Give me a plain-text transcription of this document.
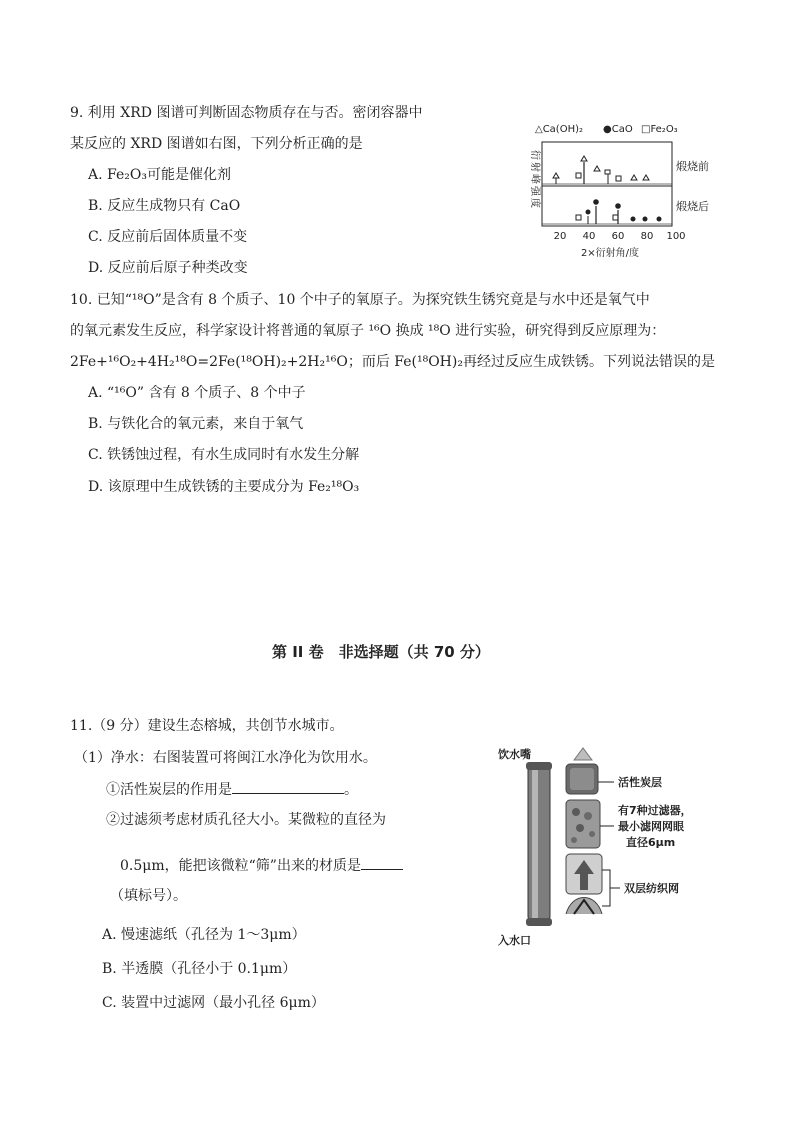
9. 利用 XRD 图谱可判断固态物质存在与否。密闭容器中
某反应的 XRD 图谱如右图，下列分析正确的是
A. Fe₂O₃可能是催化剂
B. 反应生成物只有 CaO
C. 反应前后固体质量不变
D. 反应前后原子种类改变
△Ca(OH)₂ ●CaO □Fe₂O₃
衍射峰强度	煅烧前
煅烧后
20 40 60 80 100
2×衍射角/度
10. 已知“¹⁸O”是含有 8 个质子、10 个中子的氧原子。为探究铁生锈究竟是与水中还是氧气中
的氧元素发生反应，科学家设计将普通的氧原子 ¹⁶O 换成 ¹⁸O 进行实验，研究得到反应原理为：
2Fe+¹⁶O₂+4H₂¹⁸O=2Fe(¹⁸OH)₂+2H₂¹⁶O；而后 Fe(¹⁸OH)₂再经过反应生成铁锈。下列说法错误的是
A. “¹⁶O” 含有 8 个质子、8 个中子
B. 与铁化合的氧元素，来自于氧气
C. 铁锈蚀过程，有水生成同时有水发生分解
D. 该原理中生成铁锈的主要成分为 Fe₂¹⁸O₃
第 II 卷　非选择题（共 70 分）
11.（9 分）建设生态榕城，共创节水城市。
（1）净水：右图装置可将闽江水净化为饮用水。
①活性炭层的作用是	。
②过滤须考虑材质孔径大小。某微粒的直径为
0.5μm，能把该微粒“筛”出来的材质是
（填标号）。
A. 慢速滤纸（孔径为 1～3μm）
B. 半透膜（孔径小于 0.1μm）
C. 装置中过滤网（最小孔径 6μm）
饮水嘴
活性炭层
有7种过滤器，
最小滤网网眼
直径6μm
双层纺织网
入水口
